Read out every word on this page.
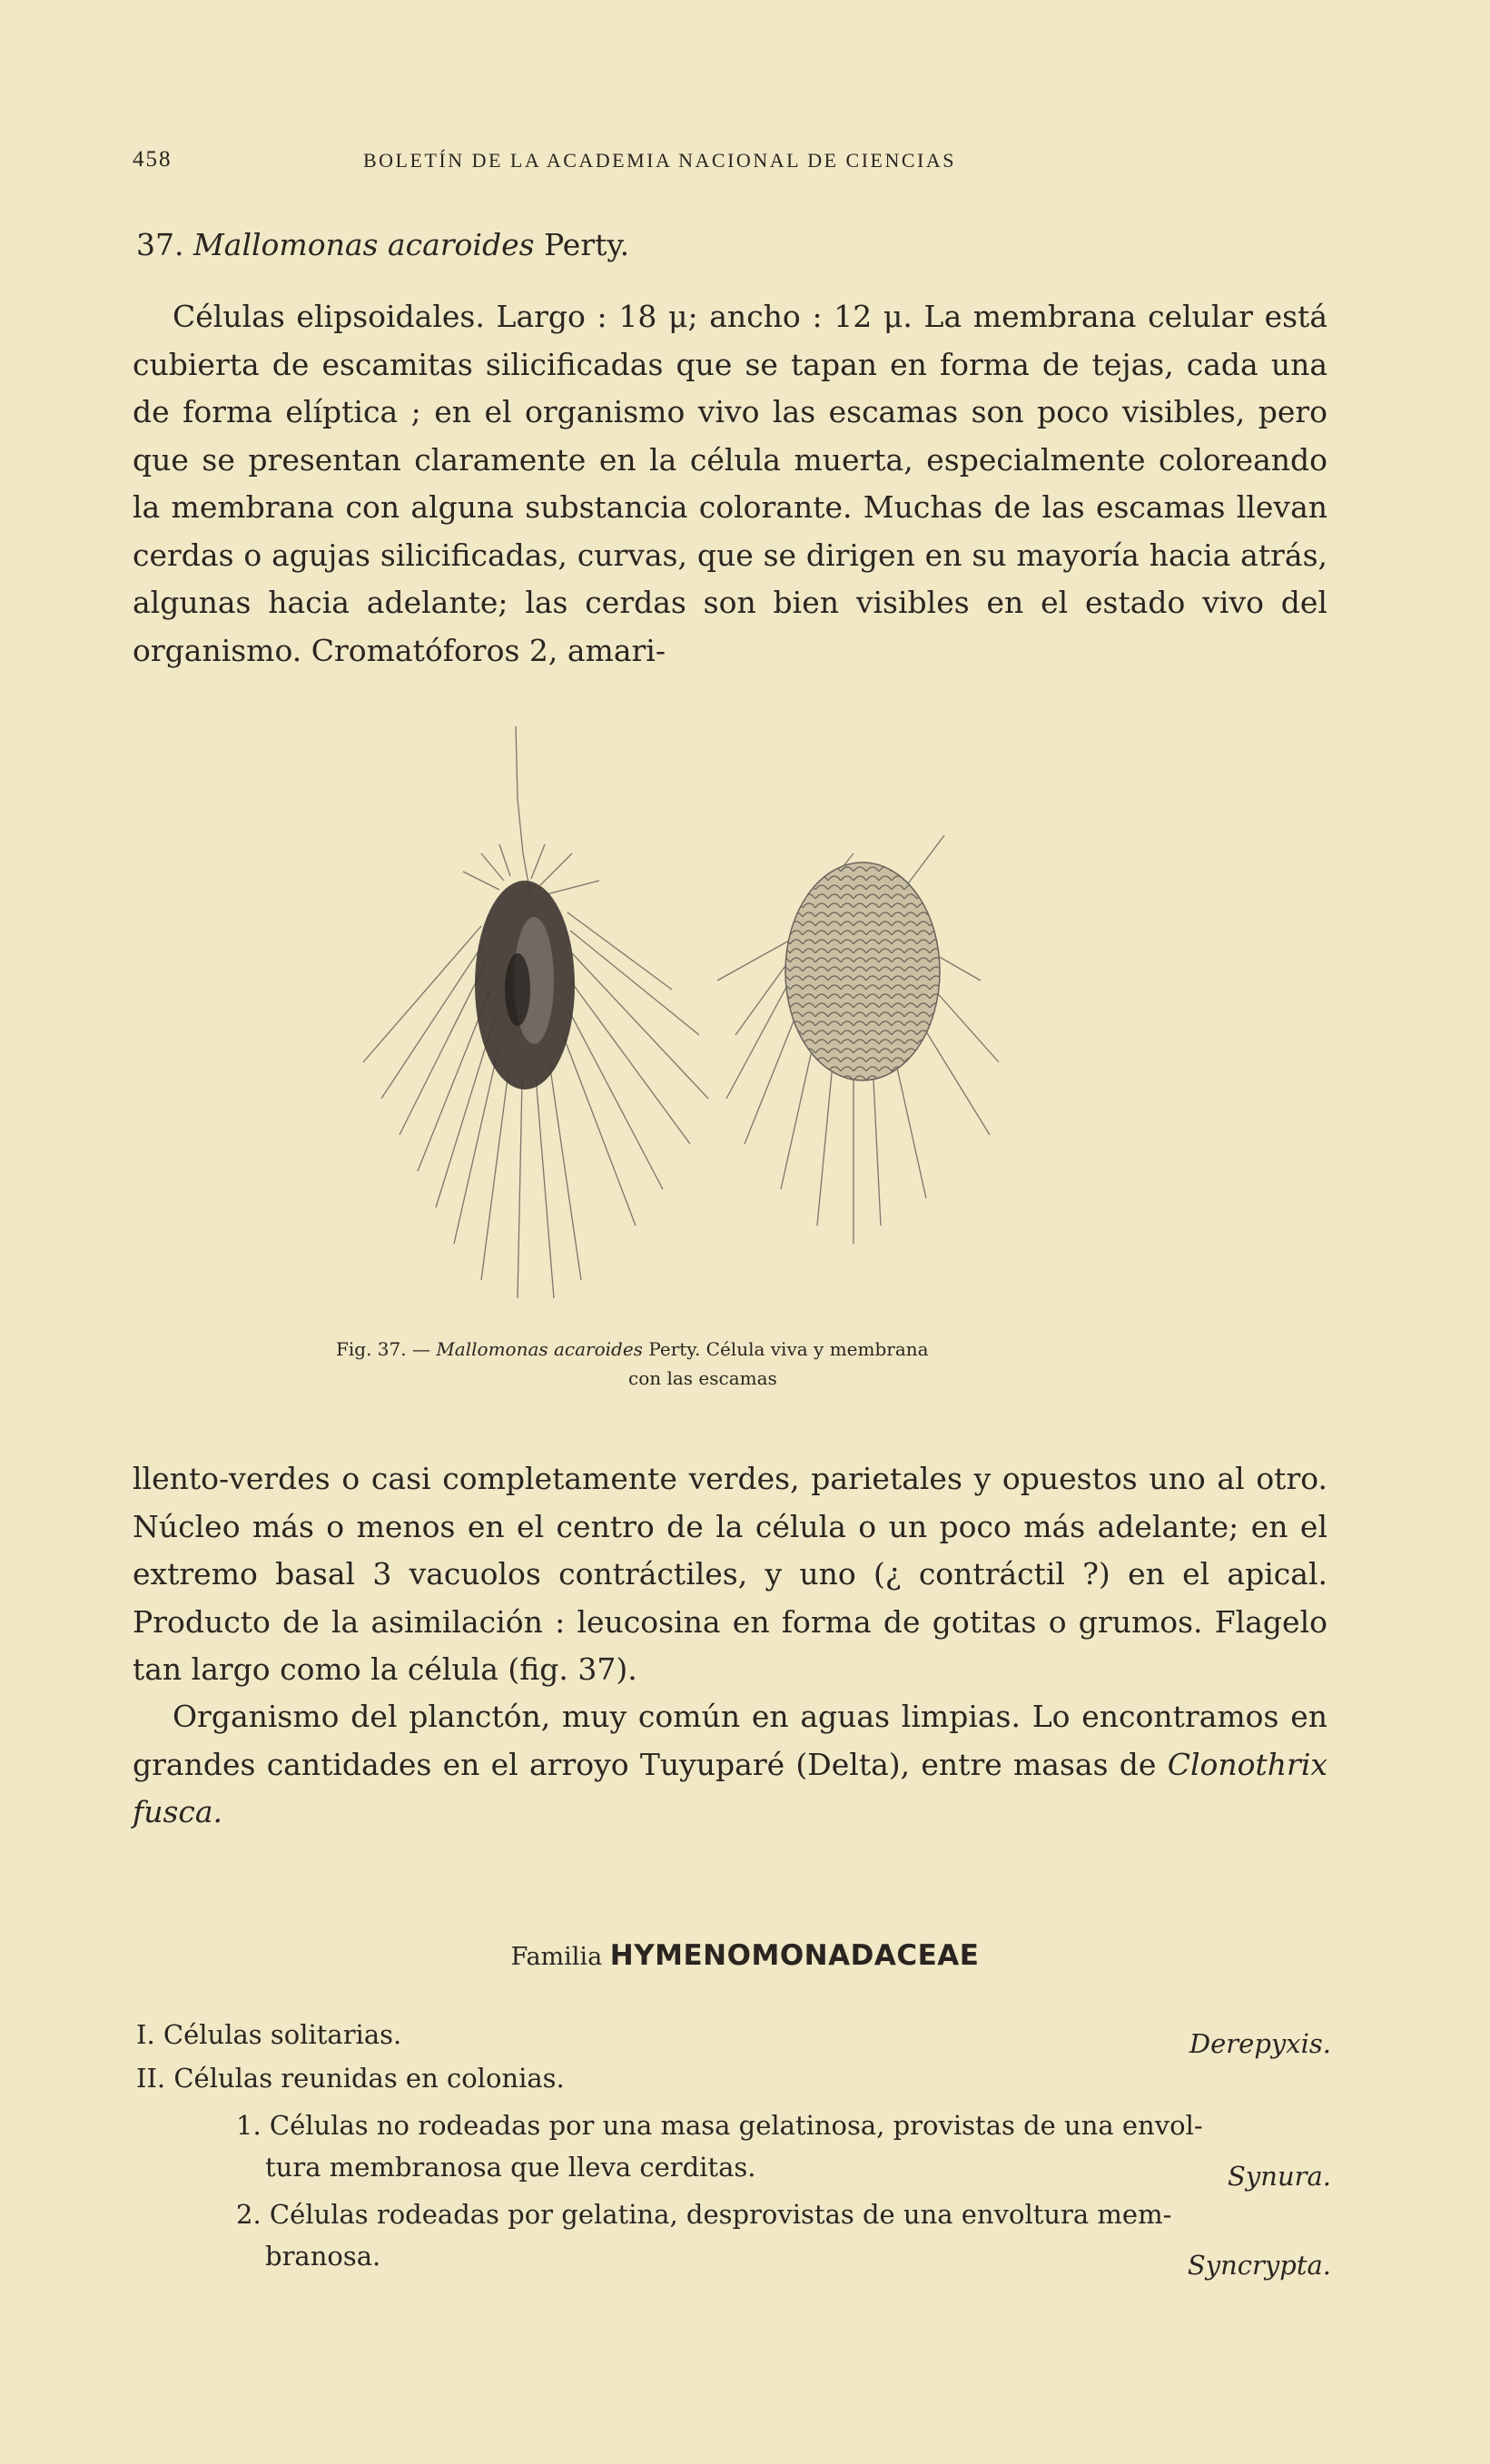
458	BOLETÍN DE LA ACADEMIA NACIONAL DE CIENCIAS
37. Mallomonas acaroides Perty.

Células elipsoidales. Largo : 18 μ; ancho : 12 μ. La membrana celular está cubierta de escamitas silicificadas que se tapan en forma de tejas, cada una de forma elíptica ; en el organismo vivo las escamas son poco visibles, pero que se presentan claramente en la célula muerta, especialmente coloreando la membrana con alguna substancia colorante. Muchas de las escamas llevan cerdas o agujas silicificadas, curvas, que se dirigen en su mayoría hacia atrás, algunas hacia adelante; las cerdas son bien visibles en el estado vivo del organismo. Cromatóforos 2, amari-

Fig. 37. — Mallomonas acaroides Perty. Célula viva y membrana
con las escamas

llento-verdes o casi completamente verdes, parietales y opuestos uno al otro. Núcleo más o menos en el centro de la célula o un poco más adelante; en el extremo basal 3 vacuolos contráctiles, y uno (¿ contráctil ?) en el apical. Producto de la asimilación : leucosina en forma de gotitas o grumos. Flagelo tan largo como la célula (fig. 37).

Organismo del planctón, muy común en aguas limpias. Lo encontramos en grandes cantidades en el arroyo Tuyuparé (Delta), entre masas de Clonothrix fusca.

Familia HYMENOMONADACEAE
I. Células solitarias.	Derepyxis.
II. Células reunidas en colonias.
1. Células no rodeadas por una masa gelatinosa, provistas de una envol-
tura membranosa que lleva cerditas.	Synura.
2. Células rodeadas por gelatina, desprovistas de una envoltura mem-
branosa.	Syncrypta.
